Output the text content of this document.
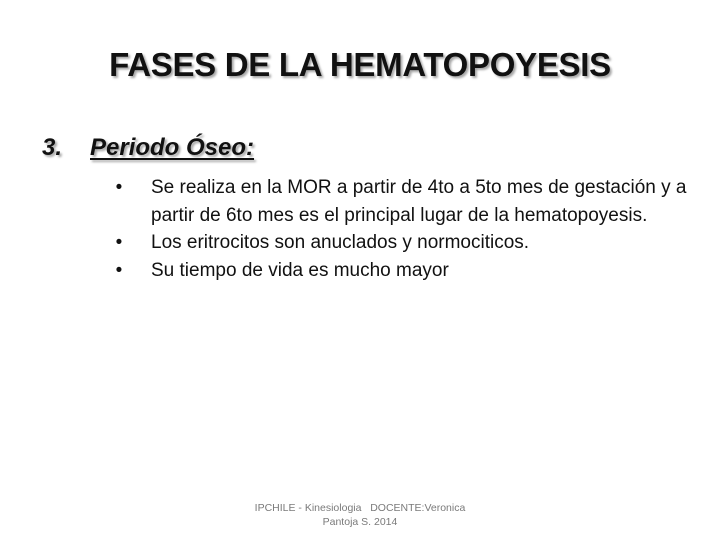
FASES DE LA HEMATOPOYESIS
3. Periodo Óseo:
• Se realiza en la MOR a partir de 4to a 5to mes de gestación y a partir de 6to mes es el principal lugar de la hematopoyesis.
• Los eritrocitos son anuclados y normociticos.
• Su tiempo de vida es mucho mayor
IPCHILE - Kinesiologia   DOCENTE:Veronica
Pantoja S. 2014
